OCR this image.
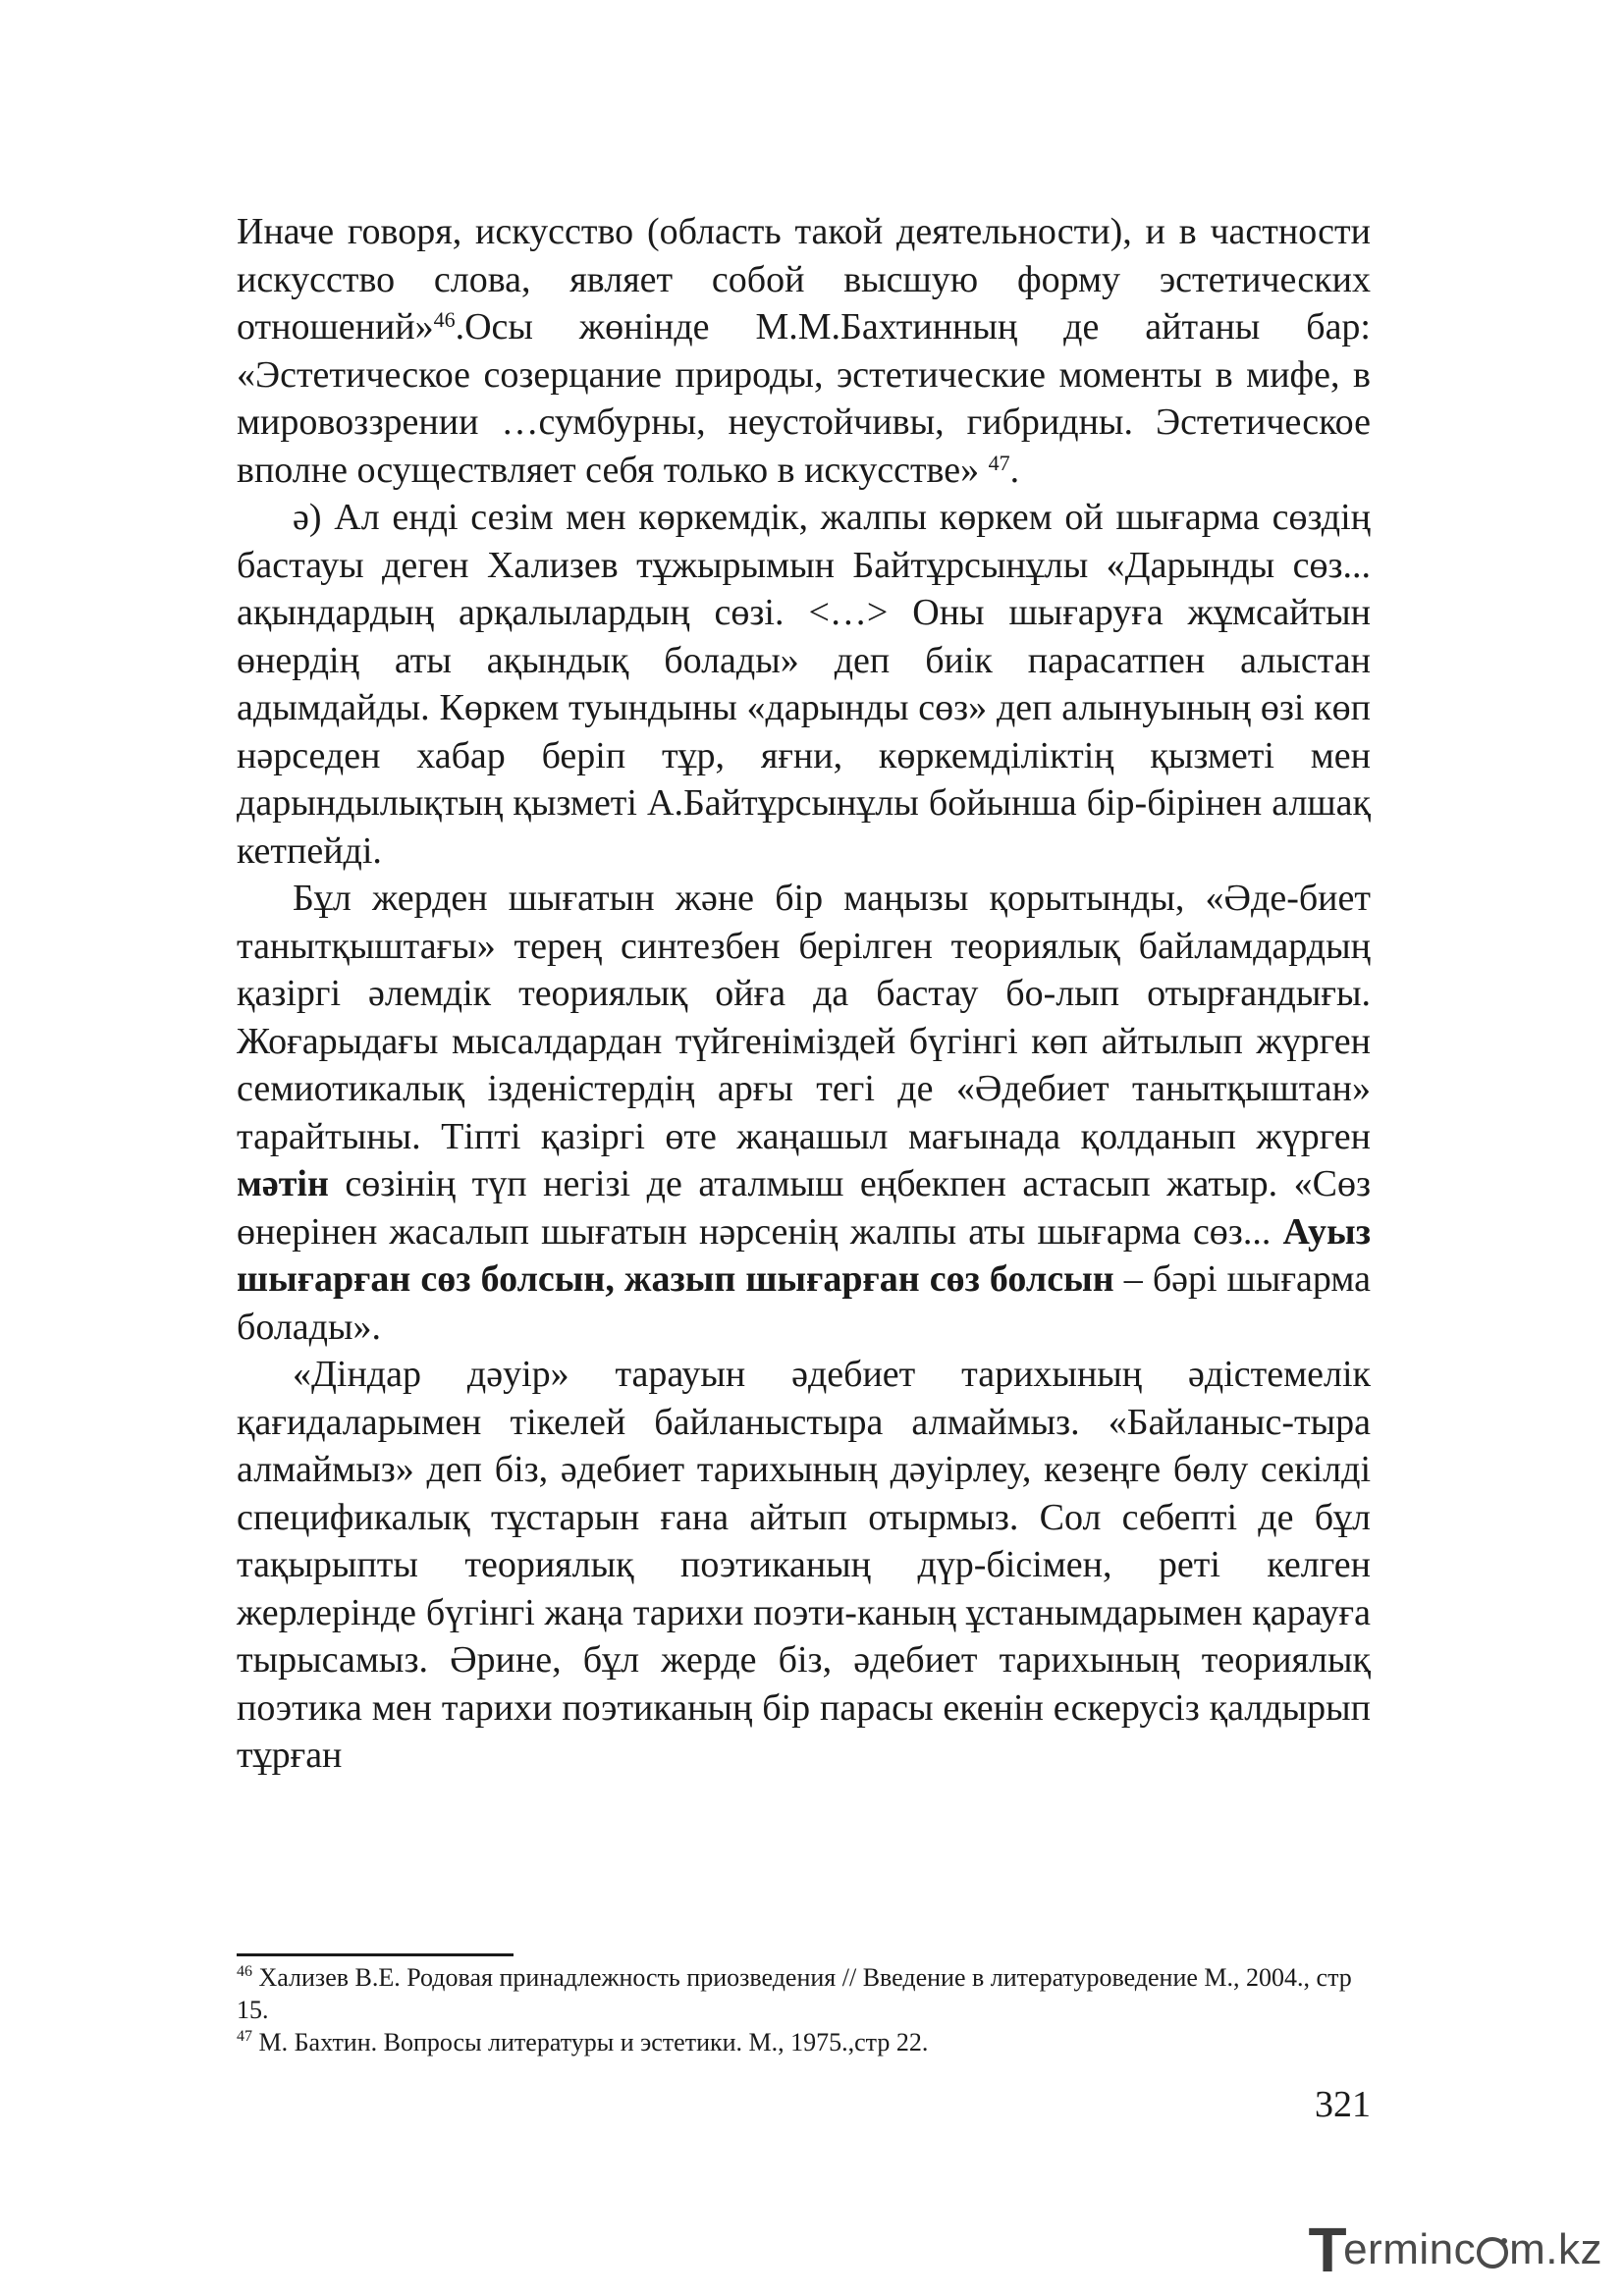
Иначе говоря, искусство (область такой деятельности), и в частности искусство слова, являет собой высшую форму эстетических отношений»$^{46}$.Осы жөнінде М.М.Бахтинның де айтаны бар: «Эстетическое созерцание природы, эстетические моменты в мифе, в мировоззрении …сумбурны, неустойчивы, гибридны. Эстетическое вполне осуществляет себя только в искусстве» $^{47}$.

ә) Ал енді сезім мен көркемдік, жалпы көркем ой шығарма сөздің бастауы деген Хализев тұжырымын Байтұрсынұлы «Дарынды сөз... ақындардың арқалылардың сөзі. <…> Оны шығаруға жұмсайтын өнердің аты ақындық болады» деп биік парасатпен алыстан адымдайды. Көркем туындыны «дарынды сөз» деп алынуының өзі көп нәрседен хабар беріп тұр, яғни, көркемділіктің қызметі мен дарындылықтың қызметі А.Байтұрсынұлы бойынша бір-бірінен алшақ кетпейді.

Бұл жерден шығатын және бір маңызы қорытынды, «Әде-биет танытқыштағы» терең синтезбен берілген теориялық байламдардың қазіргі әлемдік теориялық ойға да бастау бо-лып отырғандығы. Жоғарыдағы мысалдардан түйгеніміздей бүгінгі көп айтылып жүрген семиотикалық ізденістердің арғы тегі де «Әдебиет танытқыштан» тарайтыны. Тіпті қазіргі өте жаңашыл мағынада қолданып жүрген мәтін сөзінің түп негізі де аталмыш еңбекпен астасып жатыр. «Сөз өнерінен жасалып шығатын нәрсенің жалпы аты шығарма сөз... Ауыз шығарған сөз болсын, жазып шығарған сөз болсын – бәрі шығарма болады».

«Діндар дәуір» тарауын әдебиет тарихының әдістемелік қағидаларымен тікелей байланыстыра алмаймыз. «Байланыс-тыра алмаймыз» деп біз, әдебиет тарихының дәуірлеу, кезеңге бөлу секілді спецификалық тұстарын ғана айтып отырмыз. Сол себепті де бұл тақырыпты теориялық поэтиканың дүр-бісімен, реті келген жерлерінде бүгінгі жаңа тарихи поэти-каның ұстанымдарымен қарауға тырысамыз. Әрине, бұл жерде біз, әдебиет тарихының теориялық поэтика мен тарихи поэтиканың бір парасы екенін ескерусіз қалдырып тұрған

$^{46}$ Хализев В.Е. Родовая принадлежность приозведения // Введение в литературоведение М., 2004., стр 15.

$^{47}$ М. Бахтин. Вопросы литературы и эстетики. М., 1975.,стр 22.

321
T
erminc m.kz
